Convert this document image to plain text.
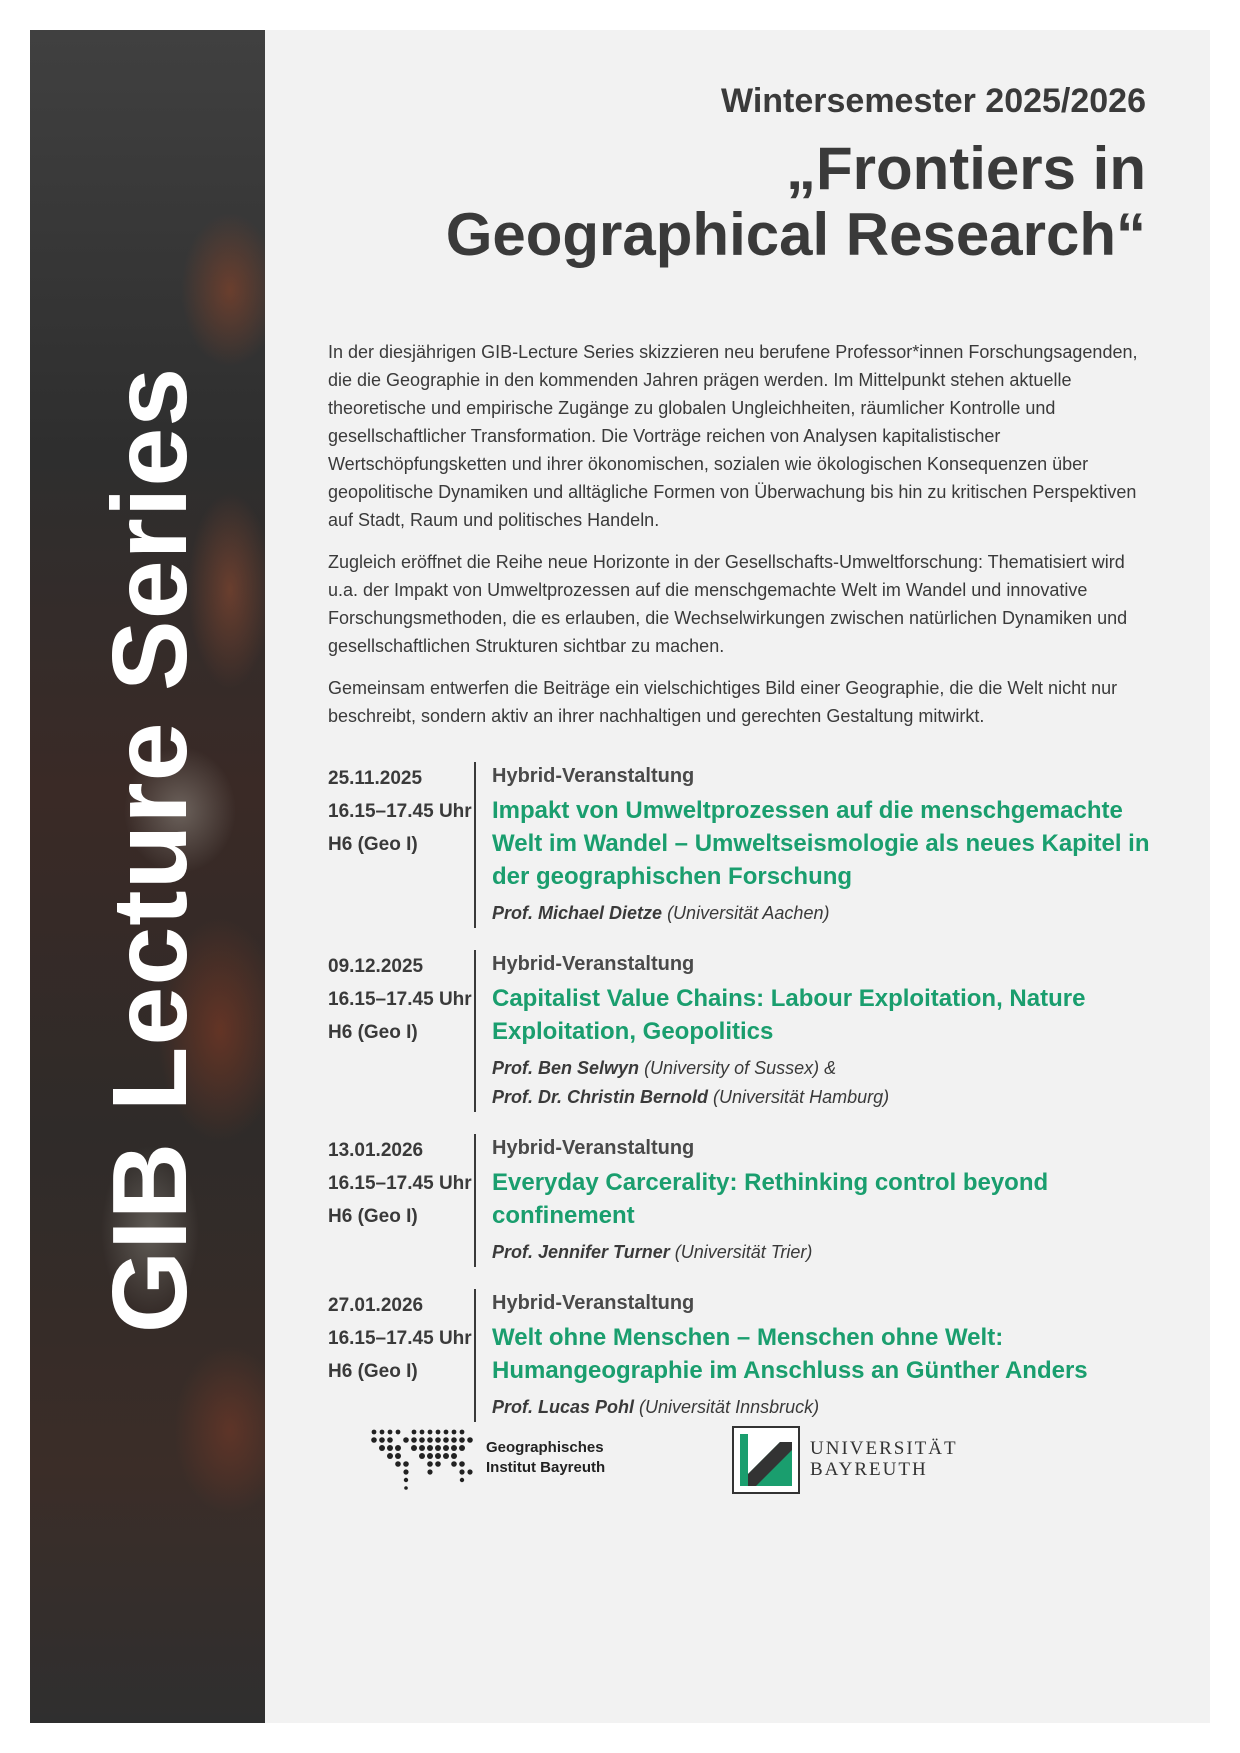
GIB Lecture Series
Wintersemester 2025/2026
„Frontiers in
Geographical Research“

In der diesjährigen GIB-Lecture Series skizzieren neu berufene Professor*innen Forschungsagenden, die die Geographie in den kommenden Jahren prägen werden. Im Mittelpunkt stehen aktuelle theoretische und empirische Zugänge zu globalen Ungleichheiten, räumlicher Kontrolle und gesellschaftlicher Transformation. Die Vorträge reichen von Analysen kapitalistischer Wertschöpfungsketten und ihrer ökonomischen, sozialen wie ökologischen Konsequenzen über geopolitische Dynamiken und alltägliche Formen von Überwachung bis hin zu kritischen Perspektiven auf Stadt, Raum und politisches Handeln.

Zugleich eröffnet die Reihe neue Horizonte in der Gesellschafts-Umweltforschung: Thematisiert wird u.a. der Impakt von Umweltprozessen auf die menschgemachte Welt im Wandel und innovative Forschungsmethoden, die es erlauben, die Wechselwirkungen zwischen natürlichen Dynamiken und gesellschaftlichen Strukturen sichtbar zu machen.

Gemeinsam entwerfen die Beiträge ein vielschichtiges Bild einer Geographie, die die Welt nicht nur beschreibt, sondern aktiv an ihrer nachhaltigen und gerechten Gestaltung mitwirkt.

25.11.2025
16.15–17.45 Uhr
H6 (Geo I)
Hybrid-Veranstaltung
Impakt von Umweltprozessen auf die menschgemachte Welt im Wandel – Umweltseismologie als neues Kapitel in der geographischen Forschung
Prof. Michael Dietze (Universität Aachen)
09.12.2025
16.15–17.45 Uhr
H6 (Geo I)
Hybrid-Veranstaltung
Capitalist Value Chains: Labour Exploitation, Nature Exploitation, Geopolitics
Prof. Ben Selwyn (University of Sussex) &
Prof. Dr. Christin Bernold (Universität Hamburg)
13.01.2026
16.15–17.45 Uhr
H6 (Geo I)
Hybrid-Veranstaltung
Everyday Carcerality: Rethinking control beyond confinement
Prof. Jennifer Turner (Universität Trier)
27.01.2026
16.15–17.45 Uhr
H6 (Geo I)
Hybrid-Veranstaltung
Welt ohne Menschen – Menschen ohne Welt: Humangeographie im Anschluss an Günther Anders
Prof. Lucas Pohl (Universität Innsbruck)
Geographisches
Institut Bayreuth
UNIVERSITÄT
BAYREUTH
